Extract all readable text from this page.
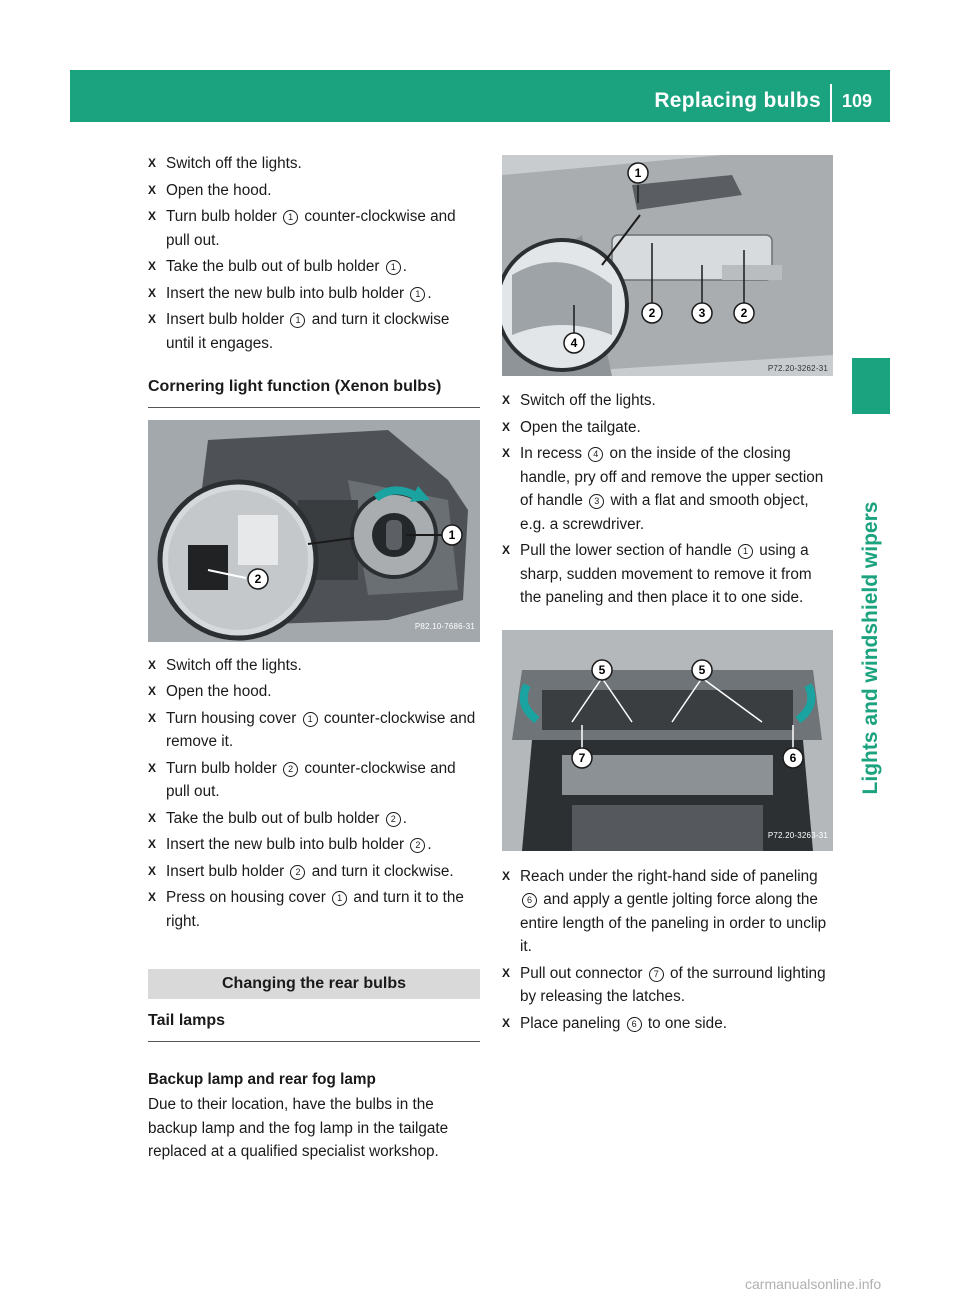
Replacing bulbs 109
Lights and windshield wipers
X Switch off the lights.
X Open the hood.
X Turn bulb holder 1 counter-clockwise and pull out.
X Take the bulb out of bulb holder 1 .
X Insert the new bulb into bulb holder 1 .
X Insert bulb holder 1 and turn it clockwise until it engages.
Cornering light function (Xenon bulbs)
1
2
P82.10-7686-31
X Switch off the lights.
X Open the hood.
X Turn housing cover 1 counter-clockwise and remove it.
X Turn bulb holder 2 counter-clockwise and pull out.
X Take the bulb out of bulb holder 2 .
X Insert the new bulb into bulb holder 2 .
X Insert bulb holder 2 and turn it clockwise.
X Press on housing cover 1 and turn it to the right.
Changing the rear bulbs
Tail lamps
Backup lamp and rear fog lamp

Due to their location, have the bulbs in the backup lamp and the fog lamp in the tailgate replaced at a qualified specialist workshop.

1
2	3	2
4
P72.20-3262-31
X Switch off the lights.
X Open the tailgate.
X In recess 4 on the inside of the closing handle, pry off and remove the upper section of handle 3 with a flat and smooth object, e.g. a screwdriver.
X Pull the lower section of handle 1 using a sharp, sudden movement to remove it from the paneling and then place it to one side.
5	5
7	6
P72.20-3263-31
X Reach under the right-hand side of paneling 6 and apply a gentle jolting force along the entire length of the paneling in order to unclip it.
X Pull out connector 7 of the surround lighting by releasing the latches.
X Place paneling 6 to one side.
carmanualsonline.info
